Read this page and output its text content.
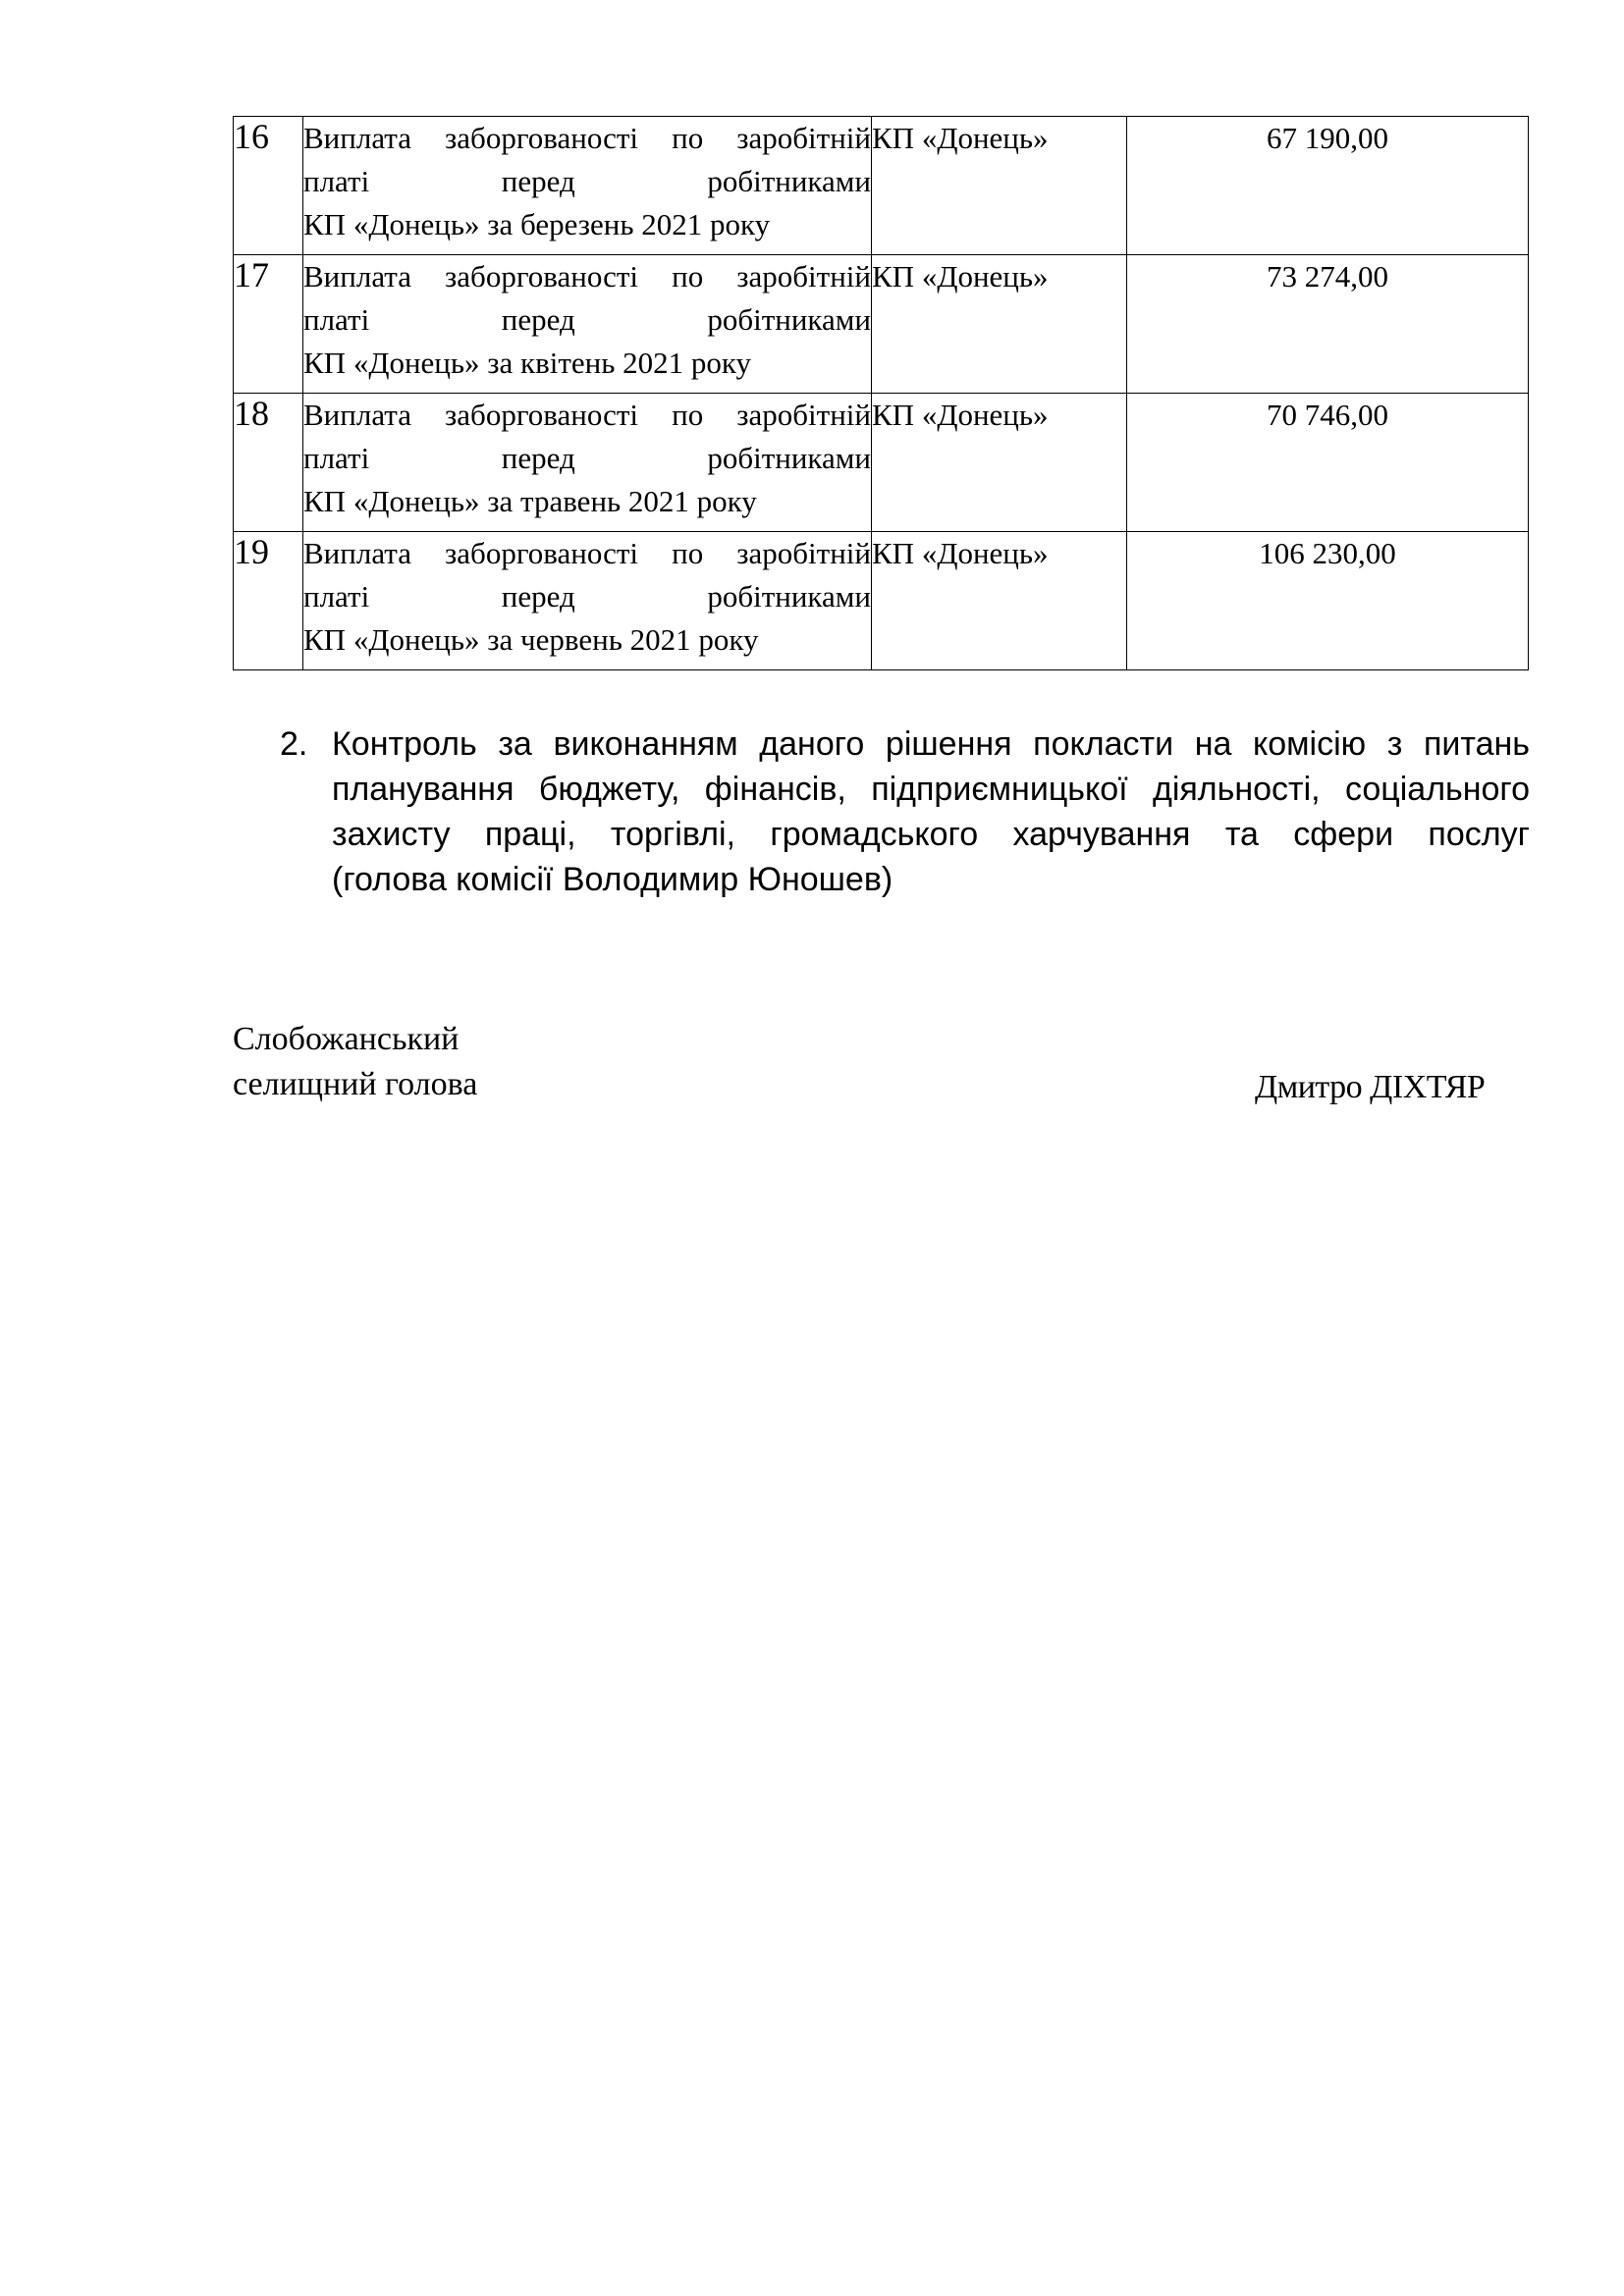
16	Виплата заборгованості по заробітній
платі перед робітниками
КП «Донець» за березень 2021 року	КП «Донець»	67 190,00
17	Виплата заборгованості по заробітній
платі перед робітниками
КП «Донець» за квітень 2021 року	КП «Донець»	73 274,00
18	Виплата заборгованості по заробітній
платі перед робітниками
КП «Донець» за травень 2021 року	КП «Донець»	70 746,00
19	Виплата заборгованості по заробітній
платі перед робітниками
КП «Донець» за червень 2021 року	КП «Донець»	106 230,00
2. Контроль за виконанням даного рішення покласти на комісію з питань
планування бюджету, фінансів, підприємницької діяльності, соціального
захисту праці, торгівлі, громадського харчування та сфери послуг
(голова комісії Володимир Юношев)
Слобожанський
селищний голова	Дмитро ДІХТЯР
